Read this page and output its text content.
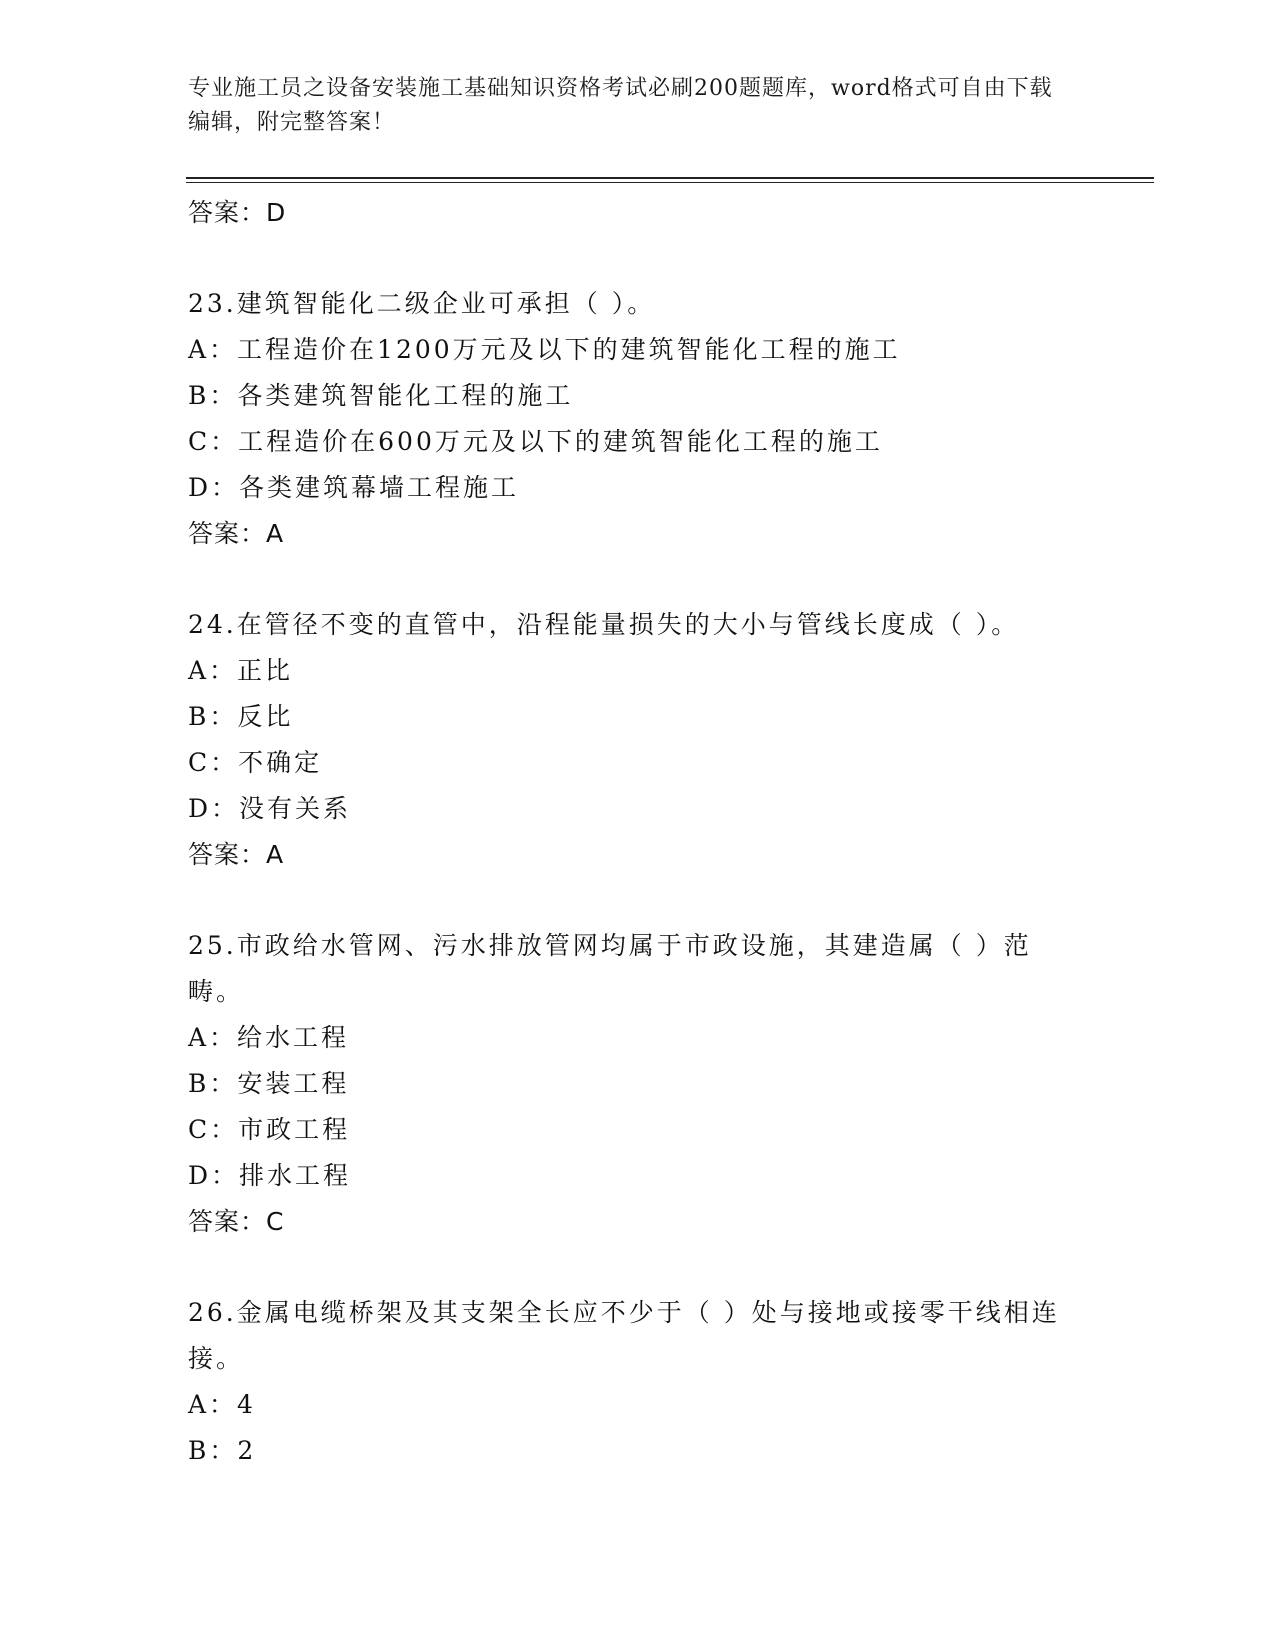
专业施工员之设备安装施工基础知识资格考试必刷200题题库，word格式可自由下载编辑，附完整答案！
答案：D
23.建筑智能化二级企业可承担（ ）。
A：工程造价在1200万元及以下的建筑智能化工程的施工
B：各类建筑智能化工程的施工
C：工程造价在600万元及以下的建筑智能化工程的施工
D：各类建筑幕墙工程施工
答案：A
24.在管径不变的直管中，沿程能量损失的大小与管线长度成（ ）。
A：正比
B：反比
C：不确定
D：没有关系
答案：A
25.市政给水管网、污水排放管网均属于市政设施，其建造属（ ）范畴。
A：给水工程
B：安装工程
C：市政工程
D：排水工程
答案：C
26.金属电缆桥架及其支架全长应不少于（ ）处与接地或接零干线相连接。
A：4
B：2
